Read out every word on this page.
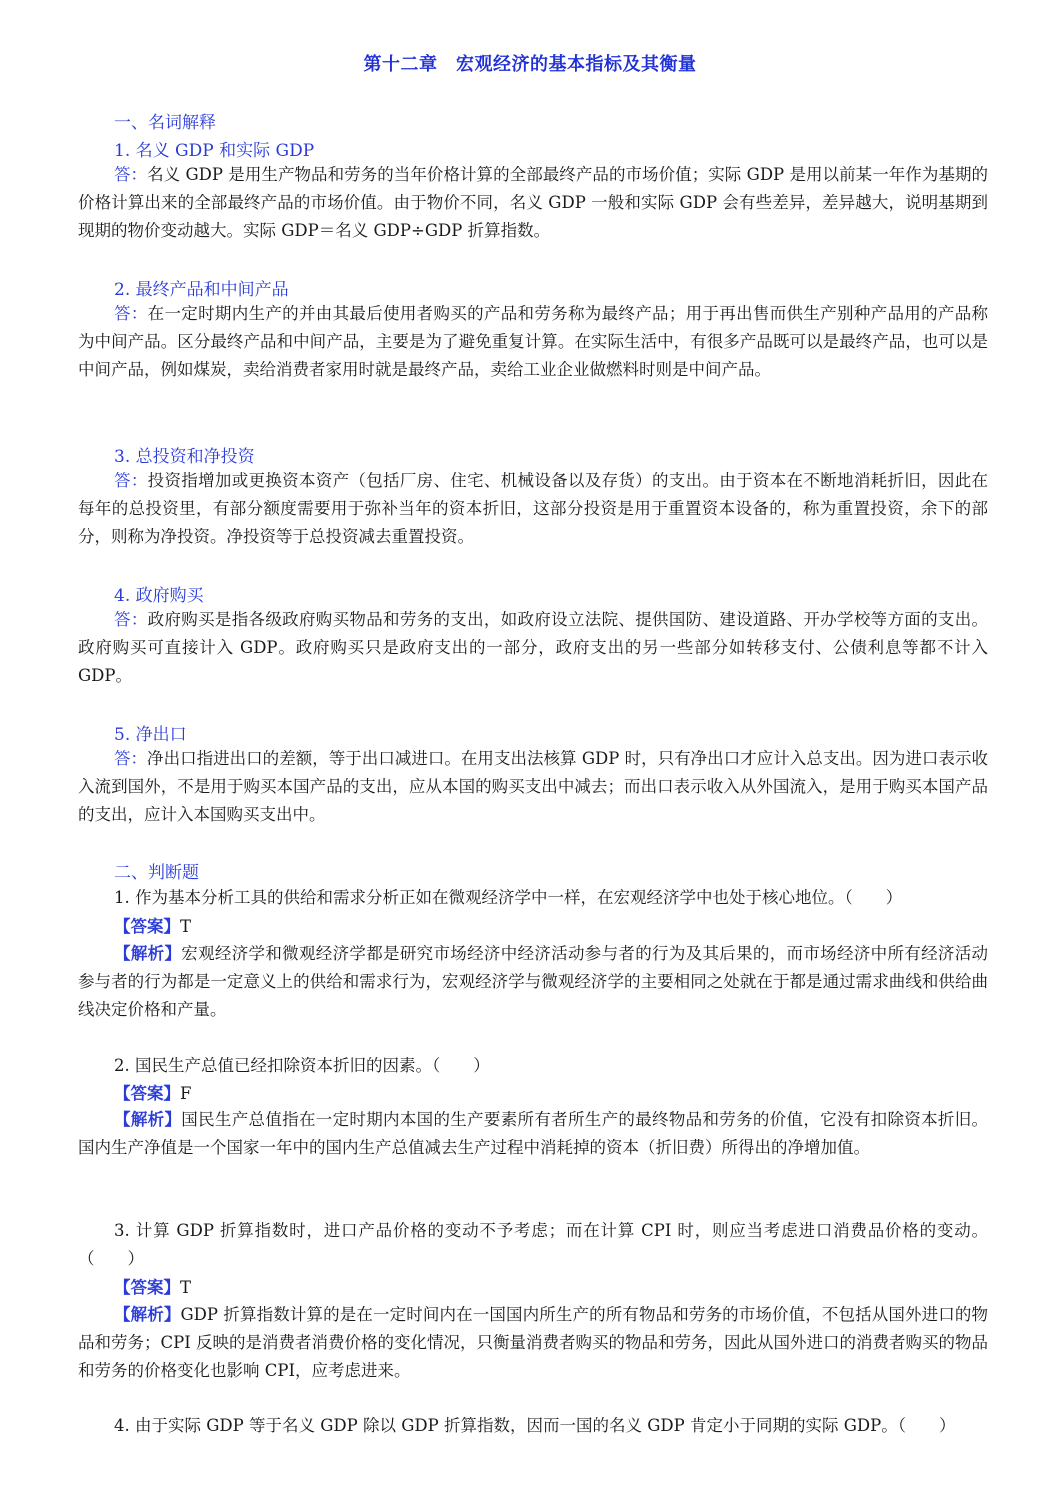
第十二章　宏观经济的基本指标及其衡量
一、名词解释
1. 名义 GDP 和实际 GDP
答：名义 GDP 是用生产物品和劳务的当年价格计算的全部最终产品的市场价值；实际 GDP 是用以前某一年作为基期的价格计算出来的全部最终产品的市场价值。由于物价不同，名义 GDP 一般和实际 GDP 会有些差异，差异越大，说明基期到现期的物价变动越大。实际 GDP＝名义 GDP÷GDP 折算指数。
2. 最终产品和中间产品
答：在一定时期内生产的并由其最后使用者购买的产品和劳务称为最终产品；用于再出售而供生产别种产品用的产品称为中间产品。区分最终产品和中间产品，主要是为了避免重复计算。在实际生活中，有很多产品既可以是最终产品，也可以是中间产品，例如煤炭，卖给消费者家用时就是最终产品，卖给工业企业做燃料时则是中间产品。
3. 总投资和净投资
答：投资指增加或更换资本资产（包括厂房、住宅、机械设备以及存货）的支出。由于资本在不断地消耗折旧，因此在每年的总投资里，有部分额度需要用于弥补当年的资本折旧，这部分投资是用于重置资本设备的，称为重置投资，余下的部分，则称为净投资。净投资等于总投资减去重置投资。
4. 政府购买
答：政府购买是指各级政府购买物品和劳务的支出，如政府设立法院、提供国防、建设道路、开办学校等方面的支出。政府购买可直接计入 GDP。政府购买只是政府支出的一部分，政府支出的另一些部分如转移支付、公债利息等都不计入 GDP。
5. 净出口
答：净出口指进出口的差额，等于出口减进口。在用支出法核算 GDP 时，只有净出口才应计入总支出。因为进口表示收入流到国外，不是用于购买本国产品的支出，应从本国的购买支出中减去；而出口表示收入从外国流入，是用于购买本国产品的支出，应计入本国购买支出中。
二、判断题
1. 作为基本分析工具的供给和需求分析正如在微观经济学中一样，在宏观经济学中也处于核心地位。（　　）
【答案】T
【解析】宏观经济学和微观经济学都是研究市场经济中经济活动参与者的行为及其后果的，而市场经济中所有经济活动参与者的行为都是一定意义上的供给和需求行为，宏观经济学与微观经济学的主要相同之处就在于都是通过需求曲线和供给曲线决定价格和产量。
2. 国民生产总值已经扣除资本折旧的因素。（　　）
【答案】F
【解析】国民生产总值指在一定时期内本国的生产要素所有者所生产的最终物品和劳务的价值，它没有扣除资本折旧。国内生产净值是一个国家一年中的国内生产总值减去生产过程中消耗掉的资本（折旧费）所得出的净增加值。
3. 计算 GDP 折算指数时，进口产品价格的变动不予考虑；而在计算 CPI 时，则应当考虑进口消费品价格的变动。（　　）
【答案】T
【解析】GDP 折算指数计算的是在一定时间内在一国国内所生产的所有物品和劳务的市场价值，不包括从国外进口的物品和劳务；CPI 反映的是消费者消费价格的变化情况，只衡量消费者购买的物品和劳务，因此从国外进口的消费者购买的物品和劳务的价格变化也影响 CPI，应考虑进来。
4. 由于实际 GDP 等于名义 GDP 除以 GDP 折算指数，因而一国的名义 GDP 肯定小于同期的实际 GDP。（　　）
